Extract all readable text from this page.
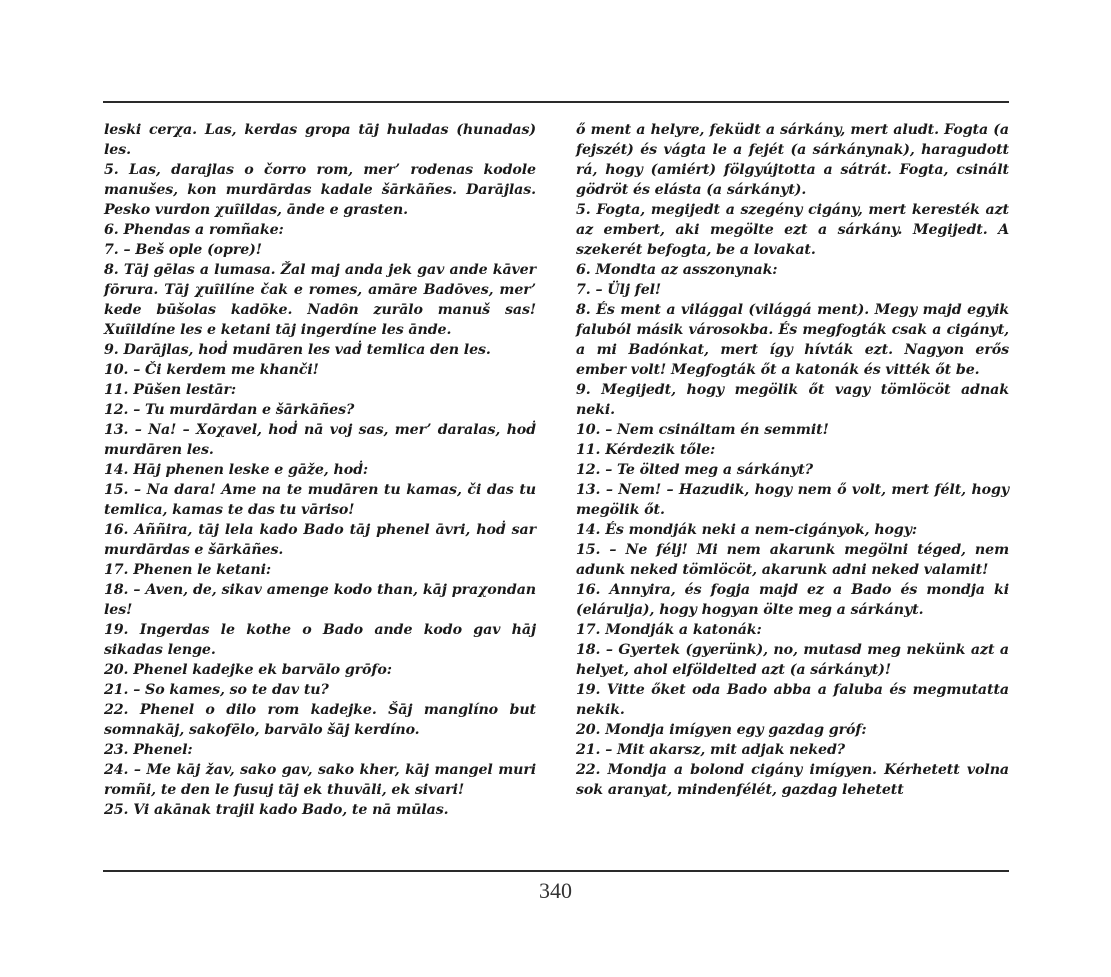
leski cerχa. Las, kerdas gropa tāj huladas (hunadas) les.

5. Las, darajlas o čorro rom, mer’ rodenas kodole manušes, kon murdārdas kadale šārkāñes. Darājlas. Pesko vurdon χuȋildas, ānde e grasten.

6. Phendas a romñake:

7. – Beš ople (opre)!

8. Tāj gēlas a lumasa. Žal maj anda jek gav ande kāver fōrura. Tāj χuȋilíne čak e romes, amāre Badōves, mer’ kede būšolas kadōke. Nadȏn zurālo manuš sas! Xuȋildíne les e ketani tāj ingerdíne les ānde.

9. Darājlas, hoḋ mudāren les vaḋ temlica den les.

10. – Či kerdem me khanči!

11. Pūšen lestār:

12. – Tu murdārdan e šārkāñes?

13. – Na! – Xoχavel, hoḋ nā voj sas, mer’ daralas, hoḋ murdāren les.

14. Hāj phenen leske e gāže, hoḋ:

15. – Na dara! Ame na te mudāren tu kamas, či das tu temlica, kamas te das tu vāriso!

16. Aññira, tāj lela kado Bado tāj phenel āvri, hoḋ sar murdārdas e šārkāñes.

17. Phenen le ketani:

18. – Aven, de, sikav amenge kodo than, kāj praχondan les!

19. Ingerdas le kothe o Bado ande kodo gav hāj sikadas lenge.

20. Phenel kadejke ek barvālo grōfo:

21. – So kames, so te dav tu?

22. Phenel o dilo rom kadejke. Šāj manglíno but somnakāj, sakofēlo, barvālo šāj kerdíno.

23. Phenel:

24. – Me kāj žav, sako gav, sako kher, kāj mangel muri romñi, te den le fusuj tāj ek thuvāli, ek sivari!

25. Vi akānak trajil kado Bado, te nā mūlas.

ő ment a helyre, feküdt a sárkány, mert aludt. Fogta (a fejszét) és vágta le a fejét (a sárkánynak), haragudott rá, hogy (amiért) fölgyújtotta a sátrát. Fogta, csinált gödröt és elásta (a sárkányt).

5. Fogta, megijedt a szegény cigány, mert keresték azt az embert, aki megölte ezt a sárkány. Megijedt. A szekerét befogta, be a lovakat.

6. Mondta az asszonynak:

7. – Ülj fel!

8. És ment a világgal (világgá ment). Megy majd egyik faluból másik városokba. És megfogták csak a cigányt, a mi Badónkat, mert így hívták ezt. Nagyon erős ember volt! Megfogták őt a katonák és vitték őt be.

9. Megijedt, hogy megölik őt vagy tömlöcöt adnak neki.

10. – Nem csináltam én semmit!

11. Kérdezik tőle:

12. – Te ölted meg a sárkányt?

13. – Nem! – Hazudik, hogy nem ő volt, mert félt, hogy megölik őt.

14. És mondják neki a nem-cigányok, hogy:

15. – Ne félj! Mi nem akarunk megölni téged, nem adunk neked tömlöcöt, akarunk adni neked valamit!

16. Annyira, és fogja majd ez a Bado és mondja ki (elárulja), hogy hogyan ölte meg a sárkányt.

17. Mondják a katonák:

18. – Gyertek (gyerünk), no, mutasd meg nekünk azt a helyet, ahol elföldelted azt (a sárkányt)!

19. Vitte őket oda Bado abba a faluba és megmutatta nekik.

20. Mondja imígyen egy gazdag gróf:

21. – Mit akarsz, mit adjak neked?

22. Mondja a bolond cigány imígyen. Kérhetett volna sok aranyat, mindenfélét, gazdag lehetett

340
